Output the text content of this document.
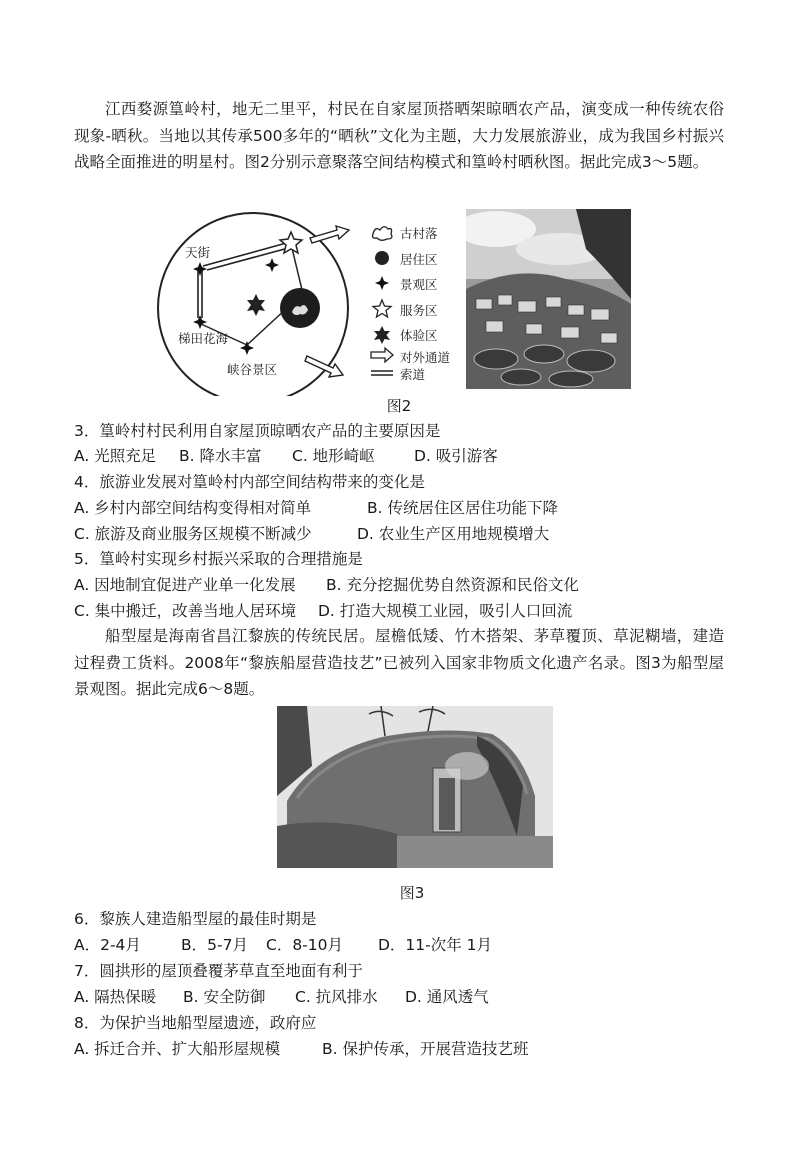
江西婺源篁岭村，地无二里平，村民在自家屋顶搭晒架晾晒农产品，演变成一种传统农俗现象-晒秋。当地以其传承500多年的“晒秋”文化为主题，大力发展旅游业，成为我国乡村振兴战略全面推进的明星村。图2分别示意聚落空间结构模式和篁岭村晒秋图。据此完成3～5题。

天街
梯田花海
峡谷景区
古村落
居住区
景观区
服务区
体验区
对外通道
索道
图2
3．篁岭村村民利用自家屋顶晾晒农产品的主要原因是
A. 光照充足 B. 降水丰富 C. 地形崎岖	D. 吸引游客
4．旅游业发展对篁岭村内部空间结构带来的变化是
A. 乡村内部空间结构变得相对简单	B. 传统居住区居住功能下降
C. 旅游及商业服务区规模不断减少	D. 农业生产区用地规模增大
5．篁岭村实现乡村振兴采取的合理措施是
A. 因地制宜促进产业单一化发展 B. 充分挖掘优势自然资源和民俗文化
C. 集中搬迁，改善当地人居环境 D. 打造大规模工业园，吸引人口回流

船型屋是海南省昌江黎族的传统民居。屋檐低矮、竹木搭架、茅草覆顶、草泥糊墙，建造过程费工货料。2008年“黎族船屋营造技艺”已被列入国家非物质文化遗产名录。图3为船型屋景观图。据此完成6～8题。

图3
6．黎族人建造船型屋的最佳时期是
A．2-4月	B．5-7月 C．8-10月 D．11-次年 1月
7．圆拱形的屋顶叠覆茅草直至地面有利于
A. 隔热保暖 B. 安全防御 C. 抗风排水 D. 通风透气
8．为保护当地船型屋遗迹，政府应
A. 拆迁合并、扩大船形屋规模	B. 保护传承，开展营造技艺班
